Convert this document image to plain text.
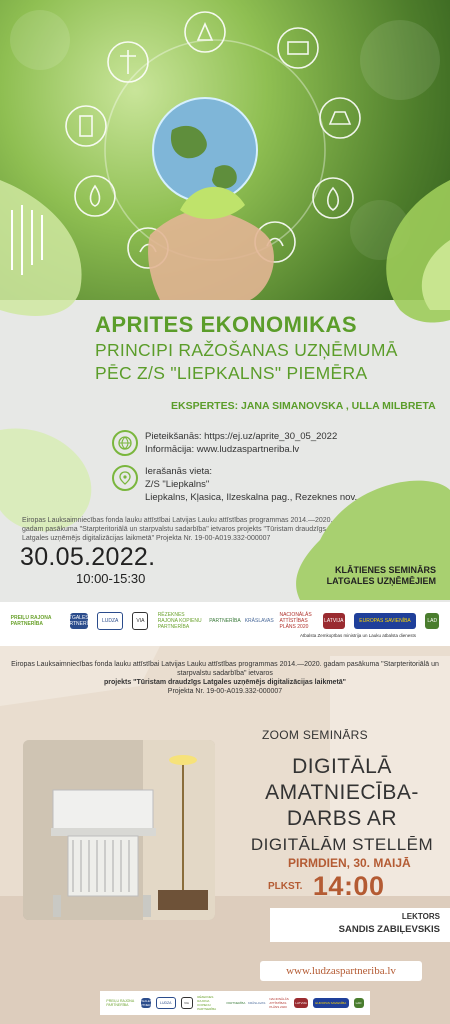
APRITES EKONOMIKAS
PRINCIPI RAŽOŠANAS UZŅĒMUMĀ
PĒC Z/S "LIEPKALNS" PIEMĒRA
EKSPERTES: JANA SIMANOVSKA , ULLA MILBRETA
Pieteikšanās: https://ej.uz/aprite_30_05_2022
Informācija: www.ludzaspartneriba.lv
Ierašanās vieta:
Z/S "Liepkalns"
Liepkalns, Kļasica, Ilzeskalna pag., Rezeknes nov.
Eiropas Lauksaimniecības fonda lauku attīstībai Latvijas Lauku attīstības programmas 2014.—2020. gadam pasākuma "Starpteritoriālā un starpvalstu sadarbība" ietvaros projekts "Tūristam draudzīgs Latgales uzņēmējs digitalizācijas laikmetā" Projekta Nr. 19-00-A019.332-000007
30.05.2022.
10:00-15:30
KLĀTIENES SEMINĀRS
LATGALES UZŅĒMĒJIEM
PREIĻU RAJONA PARTNERĪBA
LATGALES PARTNERĪBA	LUDZA	VIA
RĒZEKNES RAJONA KOPIENU PARTNERĪBA
PARTNERĪBA KRĀSLAVAS
NACIONĀLĀS ATTĪSTĪBAS PLĀNS 2020
LATVIJA	EUROPAS SAVIENĪBA	LAD
Atbalsta Zemkopības ministrija un Lauku atbalsta dienests
Eiropas Lauksaimniecības fonda lauku attīstībai Latvijas Lauku attīstības programmas 2014.—2020. gadam pasākuma "Starpteritoriālā un starpvalstu sadarbība" ietvaros
projekts "Tūristam draudzīgs Latgales uzņēmējs digitalizācijas laikmetā"
Projekta Nr. 19-00-A019.332-000007
ZOOM SEMINĀRS
DIGITĀLĀ
AMATNIECĪBA-
DARBS AR
DIGITĀLĀM STELLĒM
PIRMDIEN, 30. MAIJĀ
PLKST. 14:00
LEKTORS
SANDIS ZABIĻEVSKIS
www.ludzaspartneriba.lv
PREIĻU RAJONA PARTNERĪBA
LATGALES PARTNERĪBA	LUDZA	VIA
RĒZEKNES RAJONA KOPIENU PARTNERĪBA
PARTNERĪBA KRĀSLAVAS
NACIONĀLĀS ATTĪSTĪBAS PLĀNS 2020
LATVIJA	EUROPAS SAVIENĪBA	LAD
